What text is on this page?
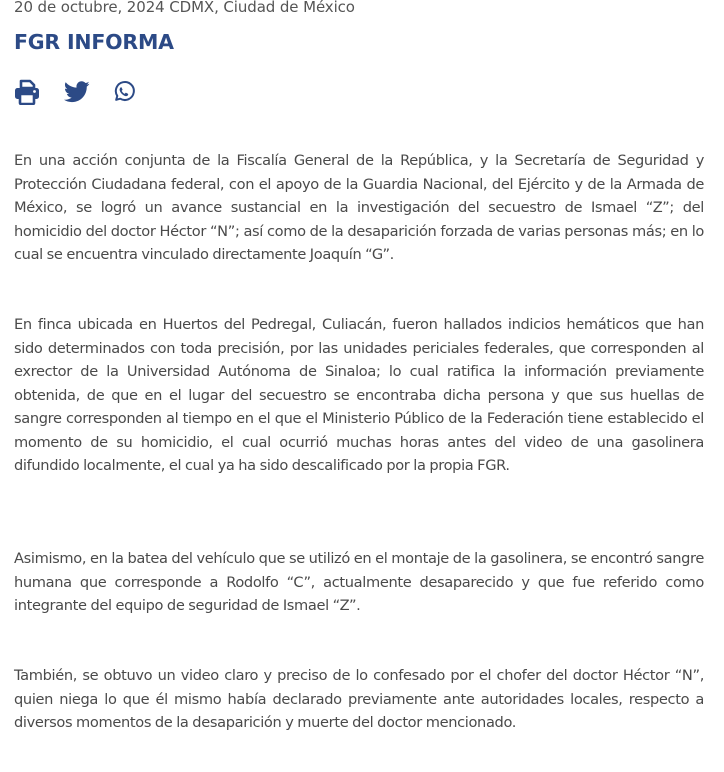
20 de octubre, 2024 CDMX, Ciudad de México
FGR INFORMA

En una acción conjunta de la Fiscalía General de la República, y la Secretaría de Seguridad y Protección Ciudadana federal, con el apoyo de la Guardia Nacional, del Ejército y de la Armada de México, se logró un avance sustancial en la investigación del secuestro de Ismael “Z”; del homicidio del doctor Héctor “N”; así como de la desaparición forzada de varias personas más; en lo cual se encuentra vinculado directamente Joaquín “G”.

En finca ubicada en Huertos del Pedregal, Culiacán, fueron hallados indicios hemáticos que han sido determinados con toda precisión, por las unidades periciales federales, que corresponden al exrector de la Universidad Autónoma de Sinaloa; lo cual ratifica la información previamente obtenida, de que en el lugar del secuestro se encontraba dicha persona y que sus huellas de sangre corresponden al tiempo en el que el Ministerio Público de la Federación tiene establecido el momento de su homicidio, el cual ocurrió muchas horas antes del video de una gasolinera difundido localmente, el cual ya ha sido descalificado por la propia FGR.

Asimismo, en la batea del vehículo que se utilizó en el montaje de la gasolinera, se encontró sangre humana que corresponde a Rodolfo “C”, actualmente desaparecido y que fue referido como integrante del equipo de seguridad de Ismael “Z”.

También, se obtuvo un video claro y preciso de lo confesado por el chofer del doctor Héctor “N”, quien niega lo que él mismo había declarado previamente ante autoridades locales, respecto a diversos momentos de la desaparición y muerte del doctor mencionado.
